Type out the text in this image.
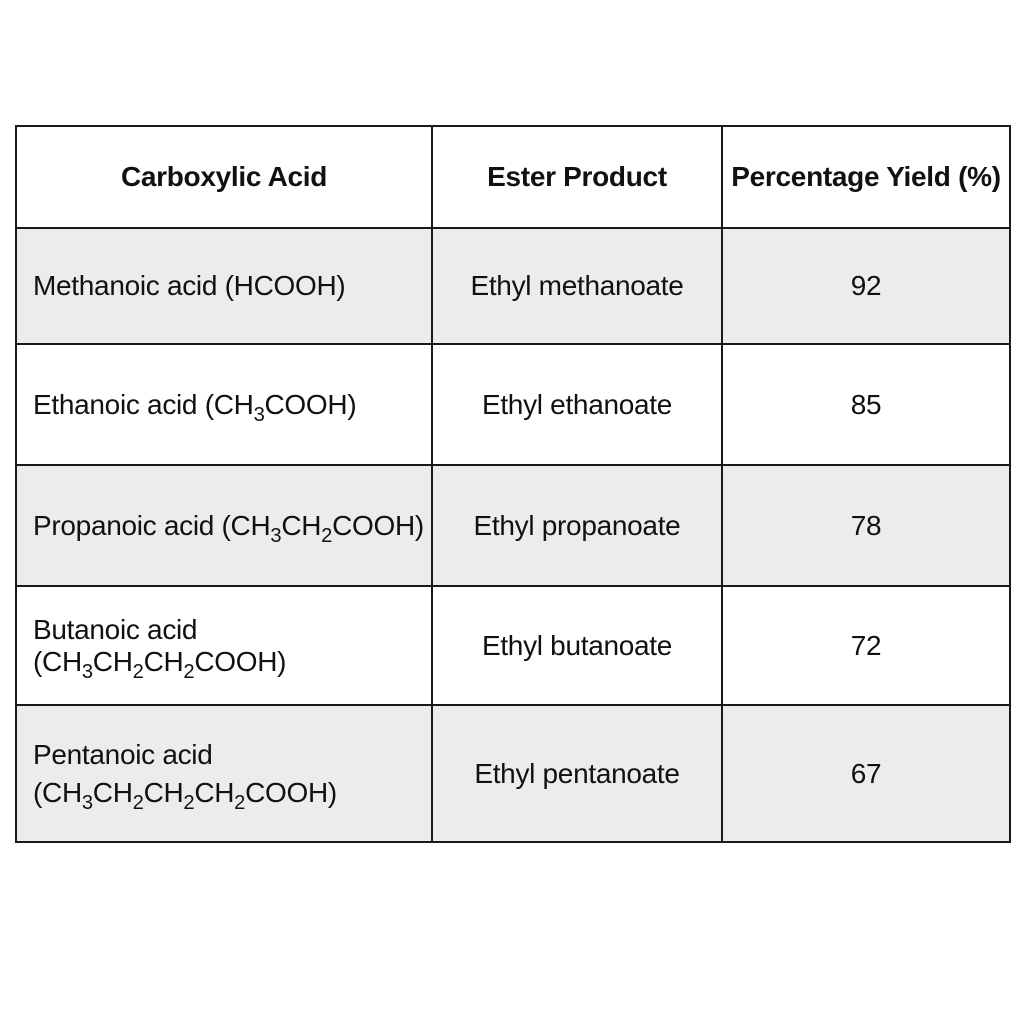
Carboxylic Acid	Ester Product	Percentage Yield (%)
Methanoic acid (HCOOH)	Ethyl methanoate	92
Ethanoic acid $(CH_3COOH)$	Ethyl ethanoate	85
Propanoic acid $(CH_3CH_2COOH)$	Ethyl propanoate	78
Butanoic acid $(CH_3CH_2CH_2COOH)$	Ethyl butanoate	72

Pentanoic acid
$(CH_3CH_2CH_2CH_2COOH)$	Ethyl pentanoate	67
